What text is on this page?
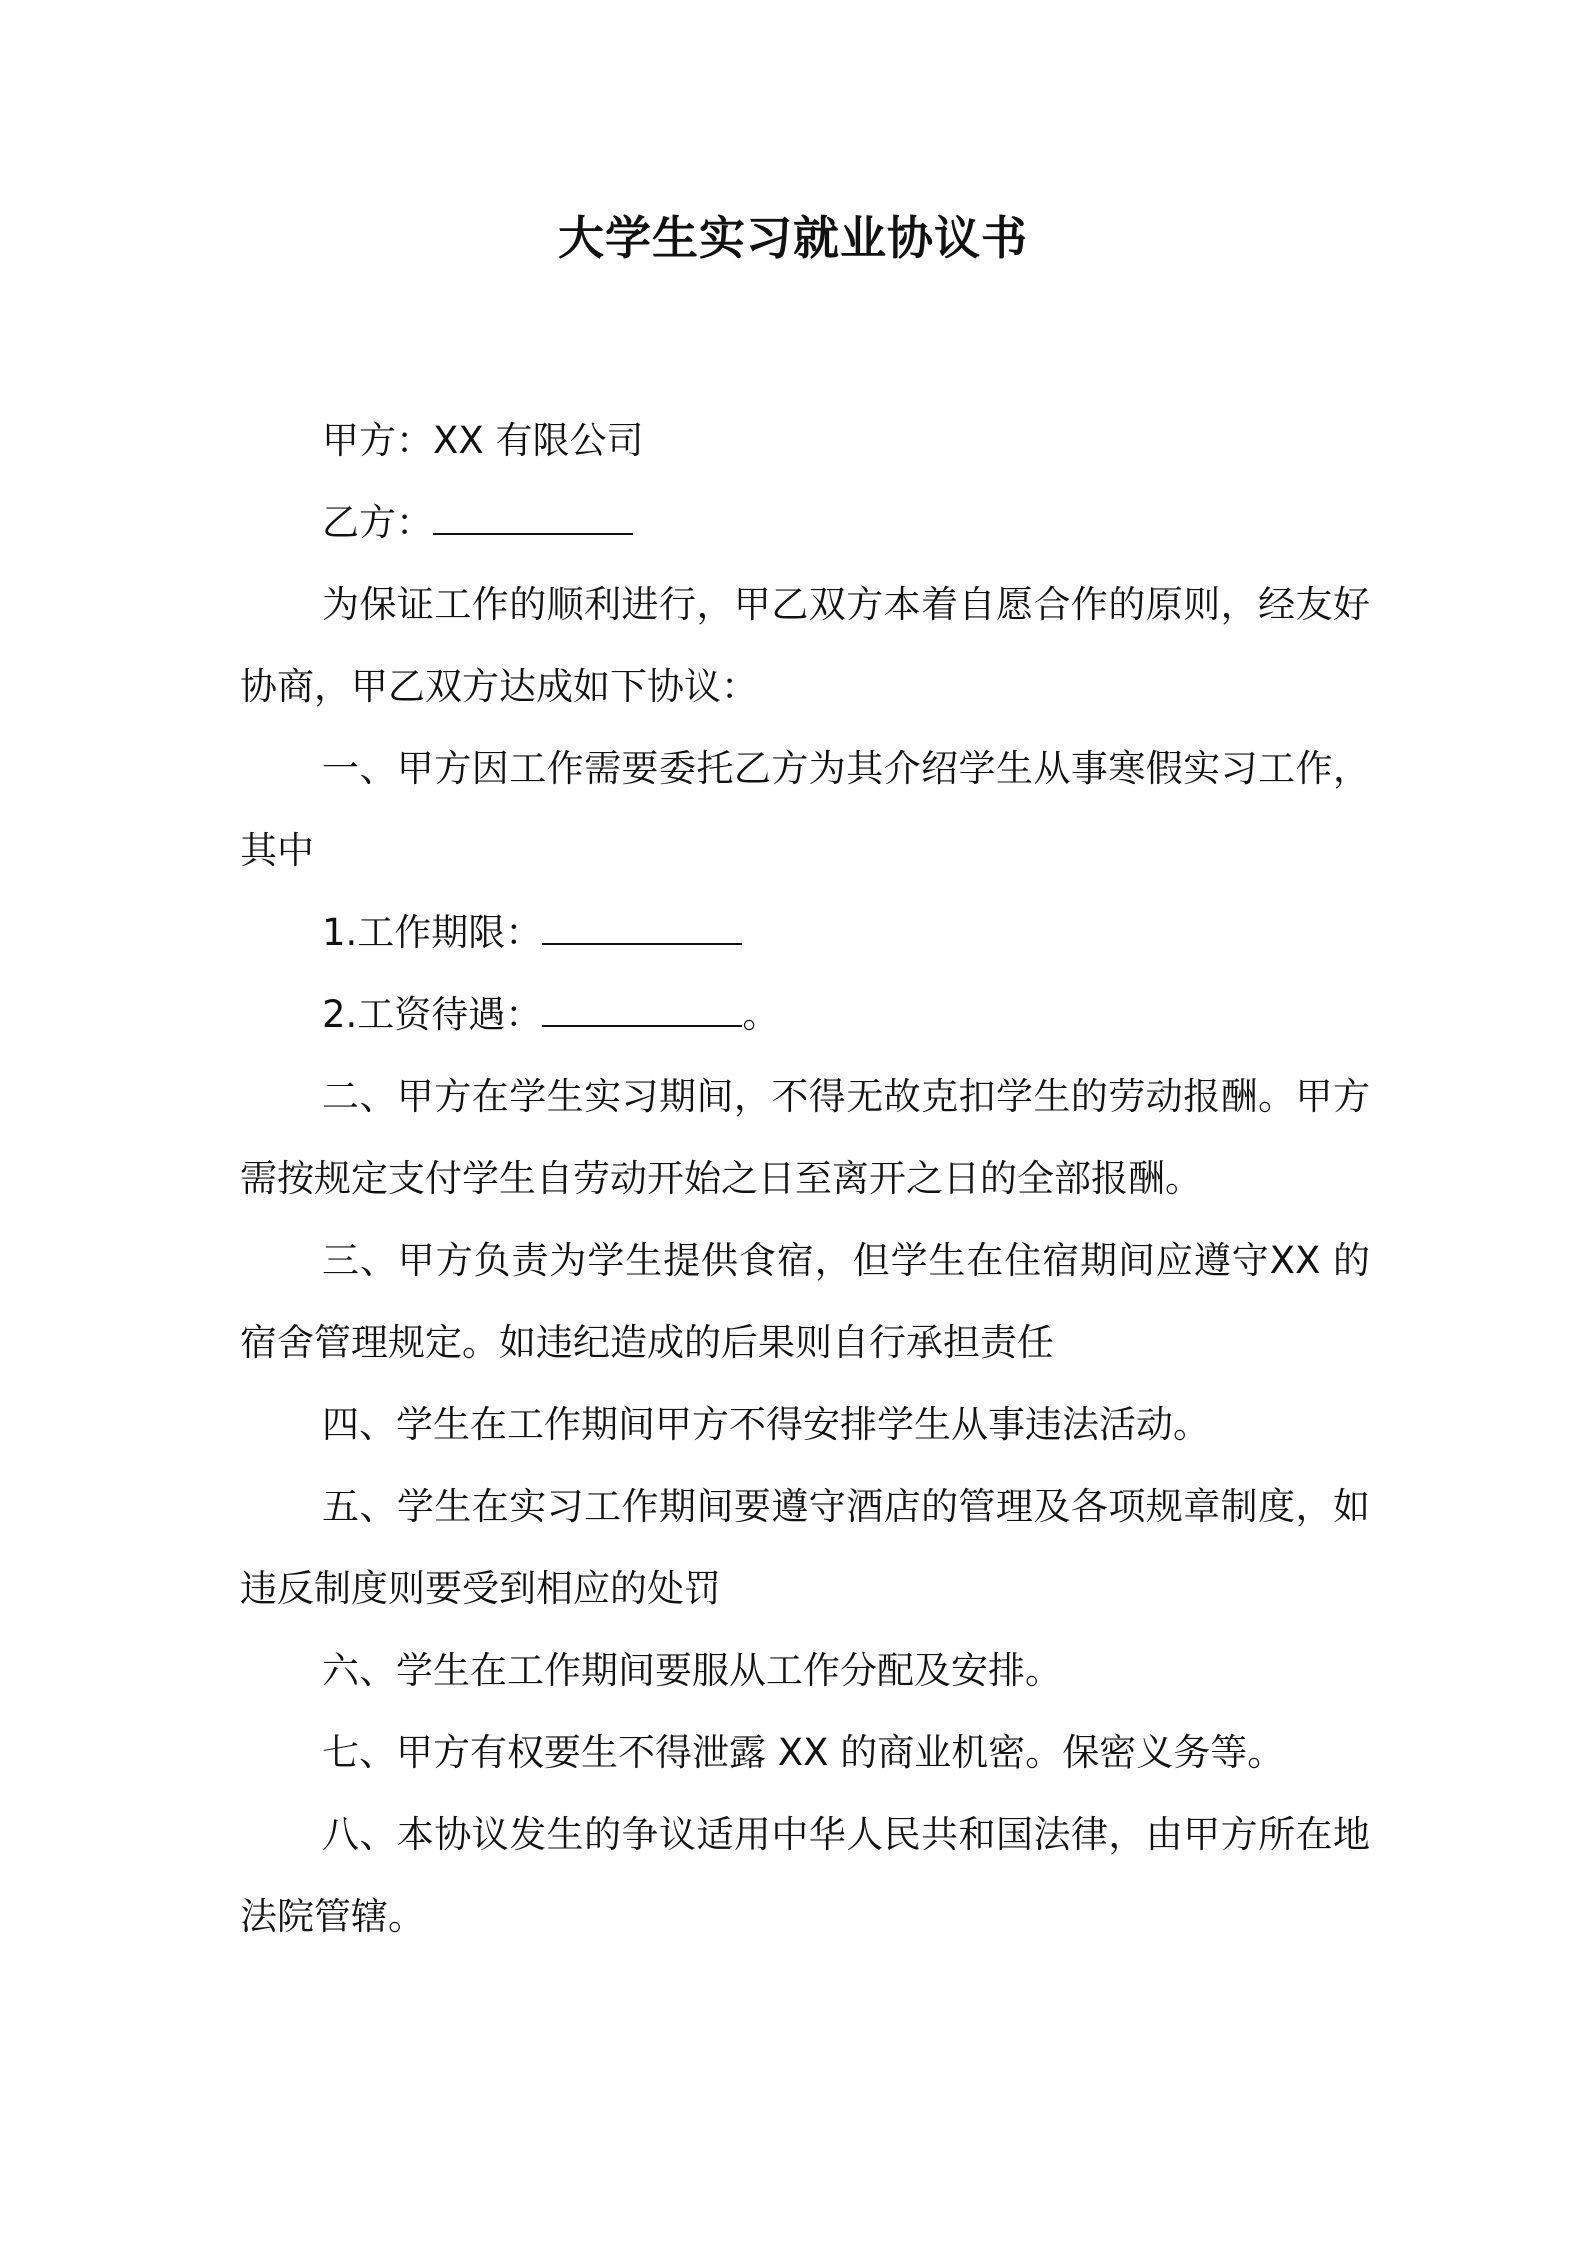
大学生实习就业协议书

甲方：XX 有限公司

乙方：

为保证工作的顺利进行，甲乙双方本着自愿合作的原则，经友好协商，甲乙双方达成如下协议：

一、甲方因工作需要委托乙方为其介绍学生从事寒假实习工作，其中

1.工作期限：

2.工资待遇：	。

二、甲方在学生实习期间，不得无故克扣学生的劳动报酬。甲方需按规定支付学生自劳动开始之日至离开之日的全部报酬。

三、甲方负责为学生提供食宿，但学生在住宿期间应遵守XX 的宿舍管理规定。如违纪造成的后果则自行承担责任

四、学生在工作期间甲方不得安排学生从事违法活动。

五、学生在实习工作期间要遵守酒店的管理及各项规章制度，如违反制度则要受到相应的处罚

六、学生在工作期间要服从工作分配及安排。

七、甲方有权要生不得泄露 XX 的商业机密。保密义务等。

八、本协议发生的争议适用中华人民共和国法律，由甲方所在地法院管辖。
